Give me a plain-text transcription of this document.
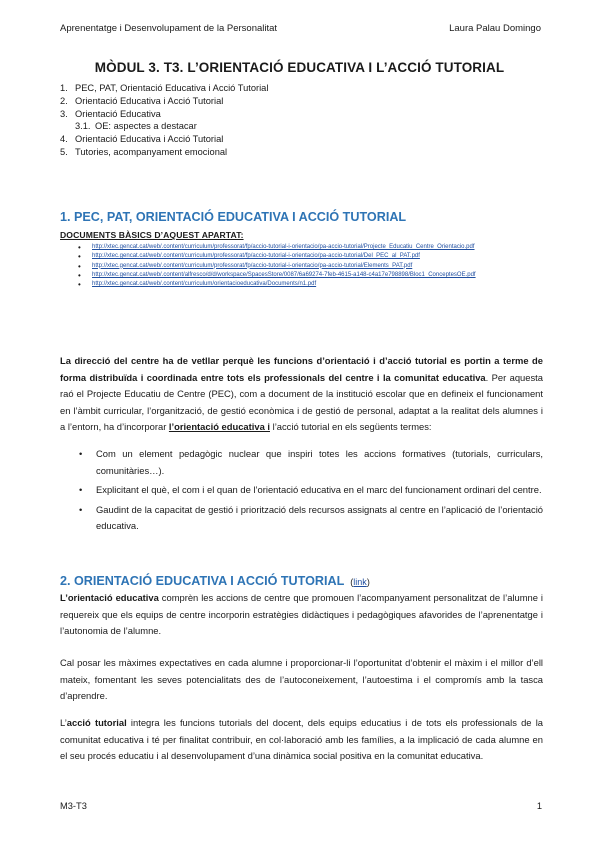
Aprenentatge i Desenvolupament de la Personalitat	Laura Palau Domingo
MÒDUL 3. T3. L’ORIENTACIÓ EDUCATIVA I L’ACCIÓ TUTORIAL
1. PEC, PAT, Orientació Educativa i Acció Tutorial
2. Orientació Educativa i Acció Tutorial
3. Orientació Educativa
3.1. OE: aspectes a destacar
4. Orientació Educativa i Acció Tutorial
5. Tutories, acompanyament emocional
1. PEC, PAT, ORIENTACIÓ EDUCATIVA I ACCIÓ TUTORIAL
DOCUMENTS BÀSICS D’AQUEST APARTAT:
• http://xtec.gencat.cat/web/.content/curriculum/professorat/fp/accio-tutorial-i-orientacio/pa-accio-tutorial/Projecte_Educatiu_Centre_Orientacio.pdf
• http://xtec.gencat.cat/web/.content/curriculum/professorat/fp/accio-tutorial-i-orientacio/pa-accio-tutorial/Del_PEC_al_PAT.pdf
• http://xtec.gencat.cat/web/.content/curriculum/professorat/fp/accio-tutorial-i-orientacio/pa-accio-tutorial/Elements_PAT.pdf
• http://xtec.gencat.cat/web/.content/alfresco/d/d/workspace/SpacesStore/0087/6a69274-7feb-4615-a148-c4a17e798898/Bloc1_ConceptesOE.pdf
• http://xtec.gencat.cat/web/.content/curriculum/orientacioeducativa/Documents/n1.pdf

La direcció del centre ha de vetllar perquè les funcions d’orientació i d’acció tutorial es portin a terme de forma distribuïda i coordinada entre tots els professionals del centre i la comunitat educativa. Per aquesta raó el Projecte Educatiu de Centre (PEC), com a document de la institució escolar que en defineix el funcionament en l’àmbit curricular, l’organització, de gestió econòmica i de gestió de personal, adaptat a la realitat dels alumnes i a l’entorn, ha d’incorporar l’orientació educativa i l’acció tutorial en els següents termes:

• Com un element pedagògic nuclear que inspiri totes les accions formatives (tutorials, curriculars, comunitàries…).
• Explicitant el què, el com i el quan de l’orientació educativa en el marc del funcionament ordinari del centre.
• Gaudint de la capacitat de gestió i priorització dels recursos assignats al centre en l’aplicació de l’orientació educativa.
2. ORIENTACIÓ EDUCATIVA I ACCIÓ TUTORIAL (link)

L’orientació educativa comprèn les accions de centre que promouen l’acompanyament personalitzat de l’alumne i requereix que els equips de centre incorporin estratègies didàctiques i pedagògiques afavorides de l’aprenentatge i l’autonomia de l’alumne.

Cal posar les màximes expectatives en cada alumne i proporcionar-li l’oportunitat d’obtenir el màxim i el millor d’ell mateix, fomentant les seves potencialitats des de l’autoconeixement, l’autoestima i el compromís amb la tasca d’aprendre.

L’acció tutorial integra les funcions tutorials del docent, dels equips educatius i de tots els professionals de la comunitat educativa i té per finalitat contribuir, en col·laboració amb les famílies, a la implicació de cada alumne en el seu procés educatiu i al desenvolupament d’una dinàmica social positiva en la comunitat educativa.

M3-T3	1
